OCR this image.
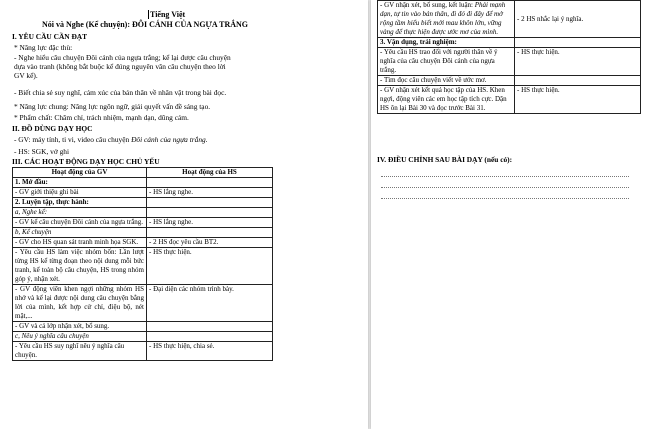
Tiếng Việt
Nói và Nghe (Kể chuyện): ĐÔI CÁNH CỦA NGỰA TRẮNG
I. YÊU CẦU CẦN ĐẠT
* Năng lực đặc thù:
- Nghe hiểu câu chuyện Đôi cánh của ngựa trắng; kể lại được câu chuyện
dựa vào tranh (không bắt buộc kể đúng nguyên văn câu chuyện theo lời
GV kể).
- Biết chia sẻ suy nghĩ, cảm xúc của bản thân về nhân vật trong bài đọc.
* Năng lực chung: Năng lực ngôn ngữ, giải quyết vấn đề sáng tạo.
* Phẩm chất: Chăm chỉ, trách nhiệm, mạnh dạn, dũng cảm.
II. ĐỒ DÙNG DẠY HỌC
- GV: máy tính, ti vi, video câu chuyện Đôi cánh của ngựa trắng.
- HS: SGK, vở ghi
III. CÁC HOẠT ĐỘNG DẠY HỌC CHỦ YẾU
Hoạt động của GV	Hoạt động của HS
1. Mở đầu:	
- GV giới thiệu ghi bài	- HS lắng nghe.
2. Luyện tập, thực hành:	
a, Nghe kể:	
- GV kể câu chuyện Đôi cánh của ngựa trắng.	- HS lắng nghe.
b, Kể chuyện	
- GV cho HS quan sát tranh minh họa SGK.	- 2 HS đọc yêu cầu BT2.
- Yêu cầu HS làm việc nhóm bốn: Lần lượt từng HS kể từng đoạn theo nội dung mỗi bức tranh, kể toàn bộ câu chuyện, HS trong nhóm góp ý, nhận xét.	- HS thực hiện.
- GV động viên khen ngợi những nhóm HS nhớ và kể lại được nội dung câu chuyện bằng lời của mình, kết hợp cử chỉ, điệu bộ, nét mặt,...	- Đại diện các nhóm trình bày.
- GV và cả lớp nhận xét, bổ sung.	
c, Nêu ý nghĩa câu chuyện	
- Yêu cầu HS suy nghĩ nêu ý nghĩa câu chuyện.	- HS thực hiện, chia sẻ.
- GV nhận xét, bổ sung, kết luận: Phải mạnh dạn, tự tin vào bản thân, đi đó đi đây để mở rộng tầm hiểu biết mới mau khôn lớn, vững vàng để thực hiện được ước mơ của mình.	- 2 HS nhắc lại ý nghĩa.
3. Vận dụng, trải nghiệm:	
- Yêu cầu HS trao đổi với người thân về ý nghĩa của câu chuyện Đôi cánh của ngựa trắng.	- HS thực hiện.
- Tìm đọc câu chuyện viết về ước mơ.	
- GV nhận xét kết quả học tập của HS. Khen ngợi, động viên các em học tập tích cực. Dặn HS ôn lại Bài 30 và đọc trước Bài 31.	- HS thực hiện.
IV. ĐIỀU CHỈNH SAU BÀI DẠY (nếu có):
